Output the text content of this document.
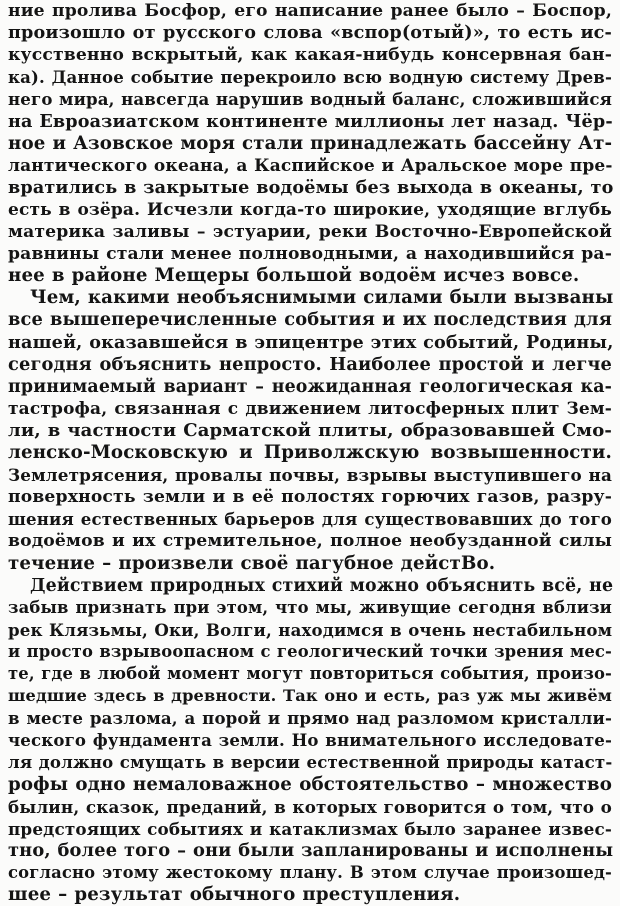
ние пролива Босфор, его написание ранее было – Боспор,
произошло от русского слова «вспор(отый)», то есть ис-
кусственно вскрытый, как какая-нибудь консервная бан-
ка). Данное событие перекроило всю водную систему Древ-
него мира, навсегда нарушив водный баланс, сложившийся
на Евроазиатском континенте миллионы лет назад. Чёр-
ное и Азовское моря стали принадлежать бассейну Ат-
лантического океана, а Каспийское и Аральское море пре-
вратились в закрытые водоёмы без выхода в океаны, то
есть в озёра. Исчезли когда-то широкие, уходящие вглубь
материка заливы – эстуарии, реки Восточно-Европейской
равнины стали менее полноводными, а находившийся ра-
нее в районе Мещеры большой водоём исчез вовсе.
Чем, какими необъяснимыми силами были вызваны
все вышеперечисленные события и их последствия для
нашей, оказавшейся в эпицентре этих событий, Родины,
сегодня объяснить непросто. Наиболее простой и легче
принимаемый вариант – неожиданная геологическая ка-
тастрофа, связанная с движением литосферных плит Зем-
ли, в частности Сарматской плиты, образовавшей Смо-
ленско-Московскую и Приволжскую возвышенности.
Землетрясения, провалы почвы, взрывы выступившего на
поверхность земли и в её полостях горючих газов, разру-
шения естественных барьеров для существовавших до того
водоёмов и их стремительное, полное необузданной силы
течение – произвели своё пагубное дейстВо.
Действием природных стихий можно объяснить всё, не
забыв признать при этом, что мы, живущие сегодня вблизи
рек Клязьмы, Оки, Волги, находимся в очень нестабильном
и просто взрывоопасном с геологический точки зрения мес-
те, где в любой момент могут повториться события, произо-
шедшие здесь в древности. Так оно и есть, раз уж мы живём
в месте разлома, а порой и прямо над разломом кристалли-
ческого фундамента земли. Но внимательного исследовате-
ля должно смущать в версии естественной природы катаст-
рофы одно немаловажное обстоятельство – множество
былин, сказок, преданий, в которых говорится о том, что о
предстоящих событиях и катаклизмах было заранее извес-
тно, более того – они были запланированы и исполнены
согласно этому жестокому плану. В этом случае произошед-
шее – результат обычного преступления.
